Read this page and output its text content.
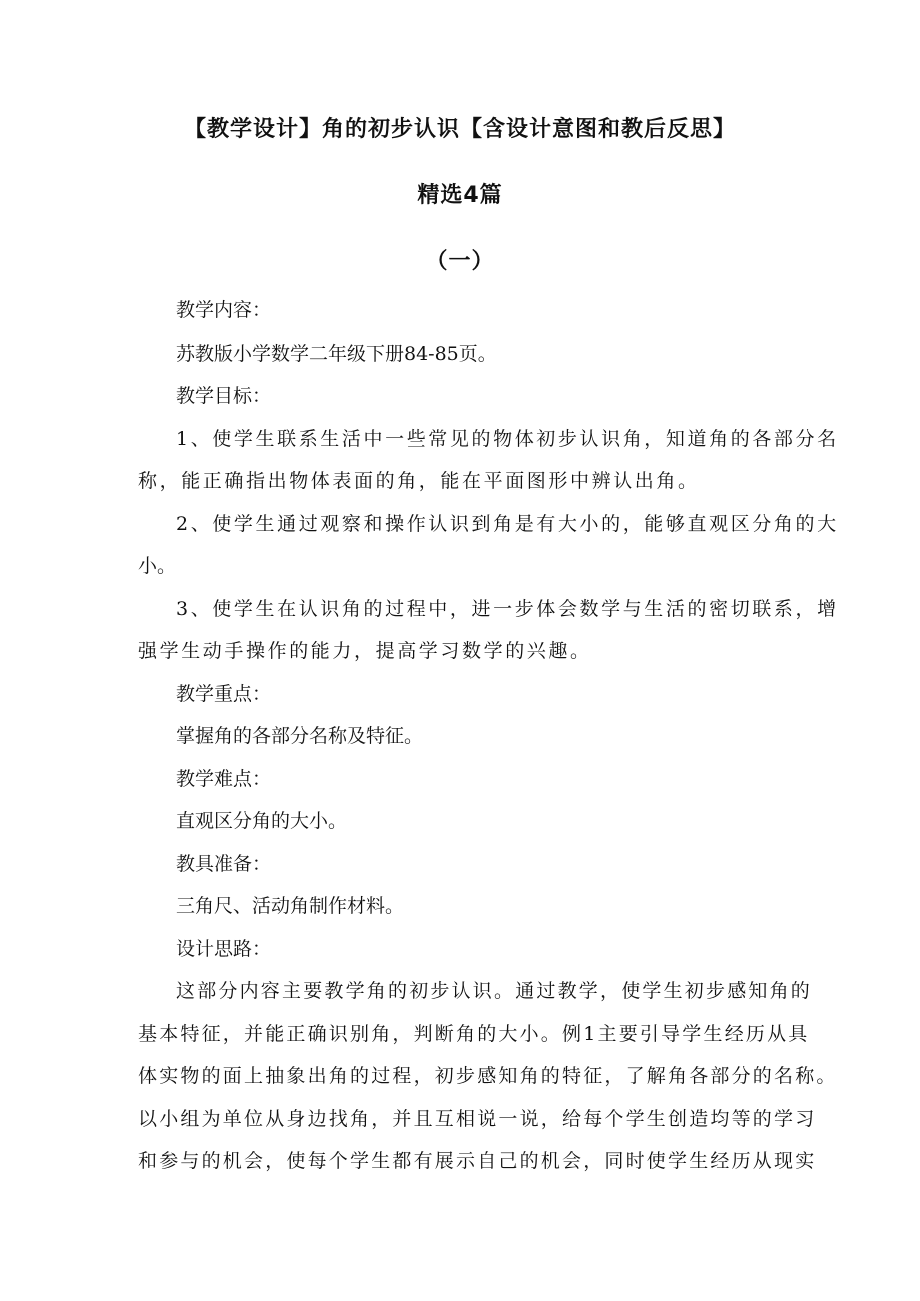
【教学设计】角的初步认识【含设计意图和教后反思】
精选4篇
（一）
教学内容：
苏教版小学数学二年级下册84-85页。
教学目标：
1、使学生联系生活中一些常见的物体初步认识角，知道角的各部分名
称，能正确指出物体表面的角，能在平面图形中辨认出角。
2、使学生通过观察和操作认识到角是有大小的，能够直观区分角的大
小。
3、使学生在认识角的过程中，进一步体会数学与生活的密切联系，增
强学生动手操作的能力，提高学习数学的兴趣。
教学重点：
掌握角的各部分名称及特征。
教学难点：
直观区分角的大小。
教具准备：
三角尺、活动角制作材料。
设计思路：
这部分内容主要教学角的初步认识。通过教学，使学生初步感知角的
基本特征，并能正确识别角，判断角的大小。例1主要引导学生经历从具
体实物的面上抽象出角的过程，初步感知角的特征，了解角各部分的名称。
以小组为单位从身边找角，并且互相说一说，给每个学生创造均等的学习
和参与的机会，使每个学生都有展示自己的机会，同时使学生经历从现实
